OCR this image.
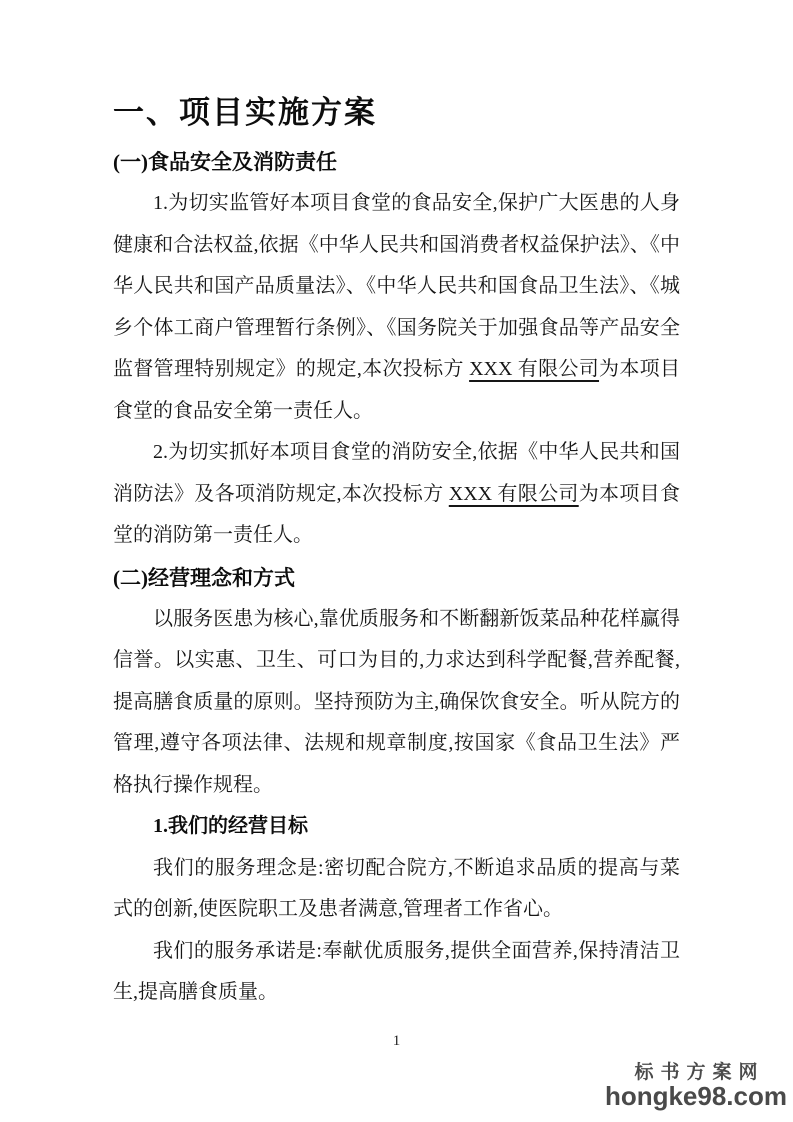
一、项目实施方案
(一)食品安全及消防责任

1.为切实监管好本项目食堂的食品安全,保护广大医患的人身健康和合法权益,依据《中华人民共和国消费者权益保护法》、《中华人民共和国产品质量法》、《中华人民共和国食品卫生法》、《城乡个体工商户管理暂行条例》、《国务院关于加强食品等产品安全监督管理特别规定》的规定,本次投标方 XXX 有限公司为本项目食堂的食品安全第一责任人。

2.为切实抓好本项目食堂的消防安全,依据《中华人民共和国消防法》及各项消防规定,本次投标方 XXX 有限公司为本项目食堂的消防第一责任人。

(二)经营理念和方式

以服务医患为核心,靠优质服务和不断翻新饭菜品种花样赢得信誉。以实惠、卫生、可口为目的,力求达到科学配餐,营养配餐,提高膳食质量的原则。坚持预防为主,确保饮食安全。听从院方的管理,遵守各项法律、法规和规章制度,按国家《食品卫生法》严格执行操作规程。

1.我们的经营目标

我们的服务理念是:密切配合院方,不断追求品质的提高与菜式的创新,使医院职工及患者满意,管理者工作省心。

我们的服务承诺是:奉献优质服务,提供全面营养,保持清洁卫生,提高膳食质量。

1
标书方案网
hongke98.com
